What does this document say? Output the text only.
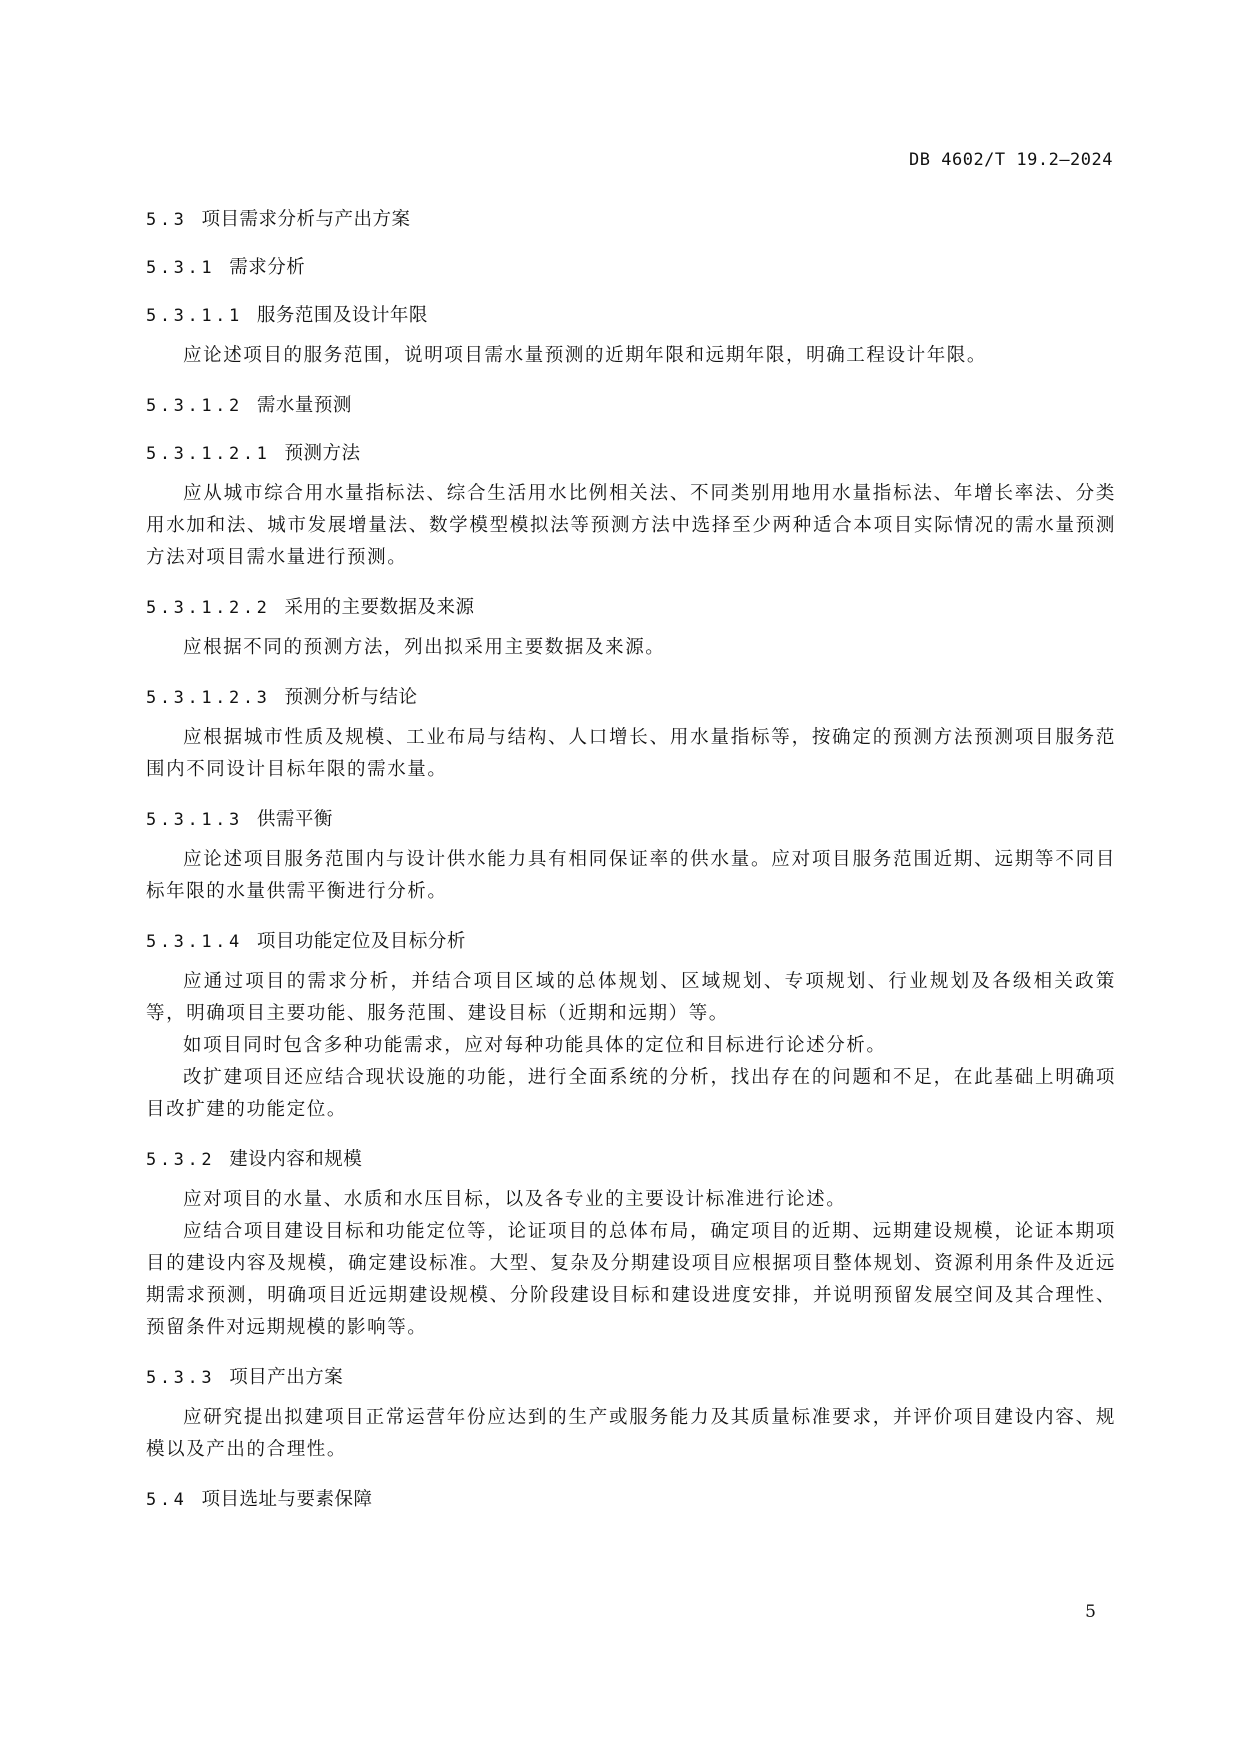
DB 4602/T 19.2—2024
5.3 项目需求分析与产出方案
5.3.1 需求分析
5.3.1.1 服务范围及设计年限

应论述项目的服务范围，说明项目需水量预测的近期年限和远期年限，明确工程设计年限。

5.3.1.2 需水量预测
5.3.1.2.1 预测方法

应从城市综合用水量指标法、综合生活用水比例相关法、不同类别用地用水量指标法、年增长率法、分类用水加和法、城市发展增量法、数学模型模拟法等预测方法中选择至少两种适合本项目实际情况的需水量预测方法对项目需水量进行预测。

5.3.1.2.2 采用的主要数据及来源

应根据不同的预测方法，列出拟采用主要数据及来源。

5.3.1.2.3 预测分析与结论

应根据城市性质及规模、工业布局与结构、人口增长、用水量指标等，按确定的预测方法预测项目服务范围内不同设计目标年限的需水量。

5.3.1.3 供需平衡

应论述项目服务范围内与设计供水能力具有相同保证率的供水量。应对项目服务范围近期、远期等不同目标年限的水量供需平衡进行分析。

5.3.1.4 项目功能定位及目标分析

应通过项目的需求分析，并结合项目区域的总体规划、区域规划、专项规划、行业规划及各级相关政策等，明确项目主要功能、服务范围、建设目标（近期和远期）等。

如项目同时包含多种功能需求，应对每种功能具体的定位和目标进行论述分析。

改扩建项目还应结合现状设施的功能，进行全面系统的分析，找出存在的问题和不足，在此基础上明确项目改扩建的功能定位。

5.3.2 建设内容和规模

应对项目的水量、水质和水压目标，以及各专业的主要设计标准进行论述。

应结合项目建设目标和功能定位等，论证项目的总体布局，确定项目的近期、远期建设规模，论证本期项目的建设内容及规模，确定建设标准。大型、复杂及分期建设项目应根据项目整体规划、资源利用条件及近远期需求预测，明确项目近远期建设规模、分阶段建设目标和建设进度安排，并说明预留发展空间及其合理性、预留条件对远期规模的影响等。

5.3.3 项目产出方案

应研究提出拟建项目正常运营年份应达到的生产或服务能力及其质量标准要求，并评价项目建设内容、规模以及产出的合理性。

5.4 项目选址与要素保障
5
